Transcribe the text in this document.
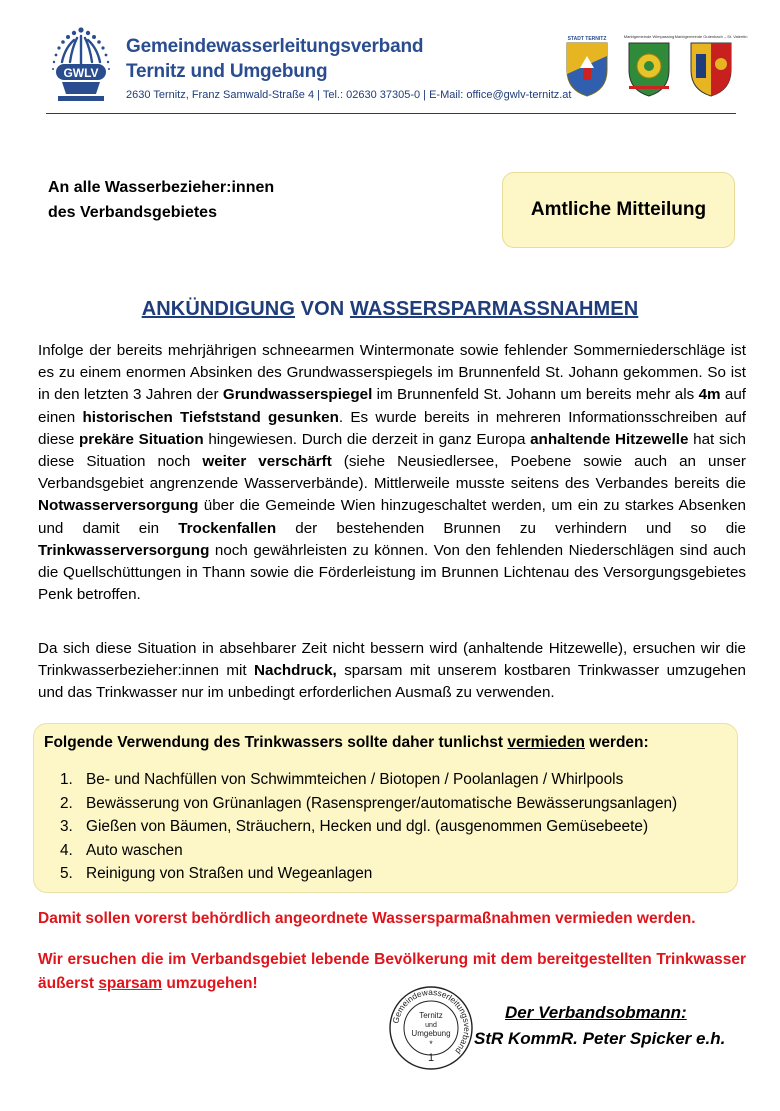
GWLV
Gemeindewasserleitungsverband
Ternitz und Umgebung
2630 Ternitz, Franz Samwald-Straße 4 | Tel.: 02630 37305-0 | E-Mail: office@gwlv-ternitz.at
STADT TERNITZ	Marktgemeinde Wimpassing Marktgemeinde Gutenbach – St. Valentin
An alle Wasserbezieher:innen
des Verbandsgebietes	Amtliche Mitteilung
ANKÜNDIGUNG VON WASSERSPARMASSNAHMEN
Infolge der bereits mehrjährigen schneearmen Wintermonate sowie fehlender Sommerniederschläge ist es zu einem enormen Absinken des Grundwasserspiegels im Brunnenfeld St. Johann gekommen. So ist in den letzten 3 Jahren der Grundwasserspiegel im Brunnenfeld St. Johann um bereits mehr als 4m auf einen historischen Tiefststand gesunken. Es wurde bereits in mehreren Informationsschreiben auf diese prekäre Situation hingewiesen. Durch die derzeit in ganz Europa anhaltende Hitzewelle hat sich diese Situation noch weiter verschärft (siehe Neusiedlersee, Poebene sowie auch an unser Verbandsgebiet angrenzende Wasserverbände). Mittlerweile musste seitens des Verbandes bereits die Notwasserversorgung über die Gemeinde Wien hinzugeschaltet werden, um ein zu starkes Absenken und damit ein Trockenfallen der bestehenden Brunnen zu verhindern und so die Trinkwasserversorgung noch gewährleisten zu können. Von den fehlenden Niederschlägen sind auch die Quellschüttungen in Thann sowie die Förderleistung im Brunnen Lichtenau des Versorgungsgebietes Penk betroffen.
Da sich diese Situation in absehbarer Zeit nicht bessern wird (anhaltende Hitzewelle), ersuchen wir die Trinkwasserbezieher:innen mit Nachdruck, sparsam mit unserem kostbaren Trinkwasser umzugehen und das Trinkwasser nur im unbedingt erforderlichen Ausmaß zu verwenden.
Folgende Verwendung des Trinkwassers sollte daher tunlichst vermieden werden:
1. Be- und Nachfüllen von Schwimmteichen / Biotopen / Poolanlagen / Whirlpools
2. Bewässerung von Grünanlagen (Rasensprenger/automatische Bewässerungsanlagen)
3. Gießen von Bäumen, Sträuchern, Hecken und dgl. (ausgenommen Gemüsebeete)
4. Auto waschen
5. Reinigung von Straßen und Wegeanlagen
Damit sollen vorerst behördlich angeordnete Wassersparmaßnahmen vermieden werden.
Wir ersuchen die im Verbandsgebiet lebende Bevölkerung mit dem bereitgestellten Trinkwasser äußerst sparsam umzugehen!
Gemeindewasserleitungsverband
Ternitz
und
Umgebung
*
1
Der Verbandsobmann:
StR KommR. Peter Spicker e.h.
